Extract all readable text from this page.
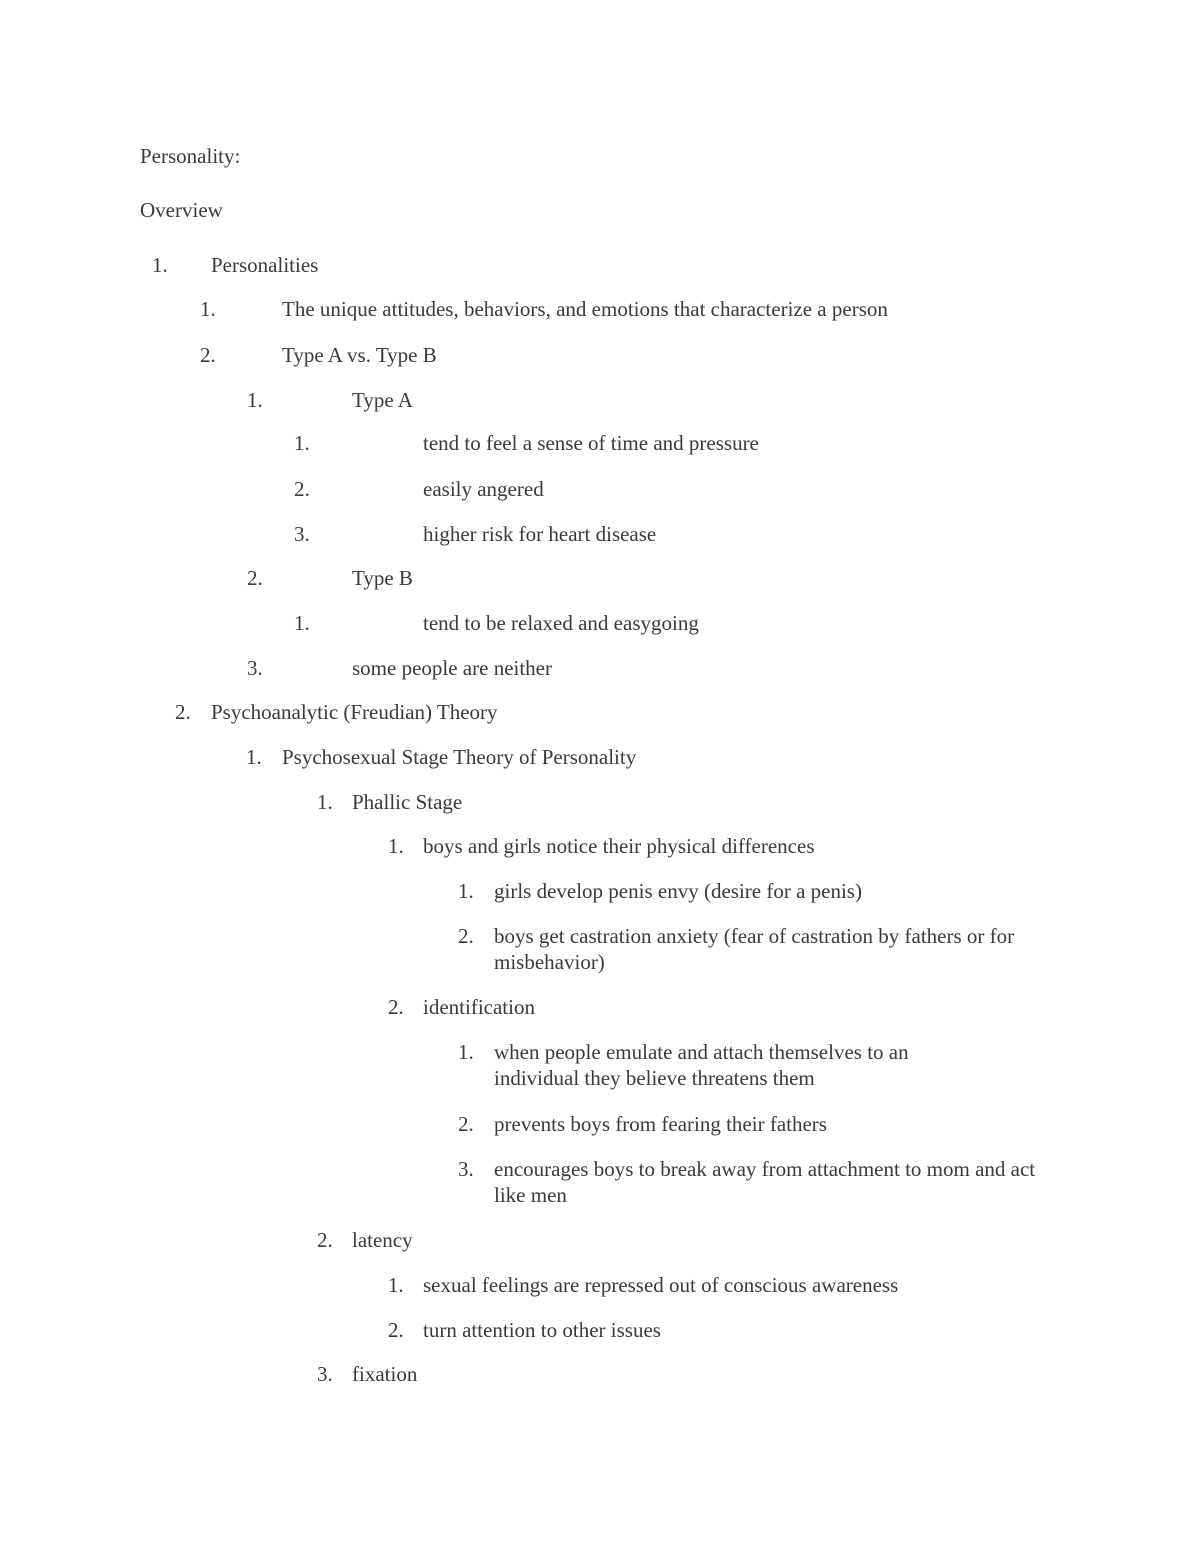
Personality:
Overview
1. Personalities
1.	The unique attitudes, behaviors, and emotions that characterize a person
2.	Type A vs. Type B
1.	Type A
1.	tend to feel a sense of time and pressure
2.	easily angered
3.	higher risk for heart disease
2.	Type B
1.	tend to be relaxed and easygoing
3.	some people are neither
2. Psychoanalytic (Freudian) Theory
1. Psychosexual Stage Theory of Personality
1. Phallic Stage
1. boys and girls notice their physical differences
1. girls develop penis envy (desire for a penis)
2. boys get castration anxiety (fear of castration by fathers or for misbehavior)
2. identification
1. when people emulate and attach themselves to an individual they believe threatens them
2. prevents boys from fearing their fathers
3. encourages boys to break away from attachment to mom and act like men
2. latency
1. sexual feelings are repressed out of conscious awareness
2. turn attention to other issues
3. fixation
